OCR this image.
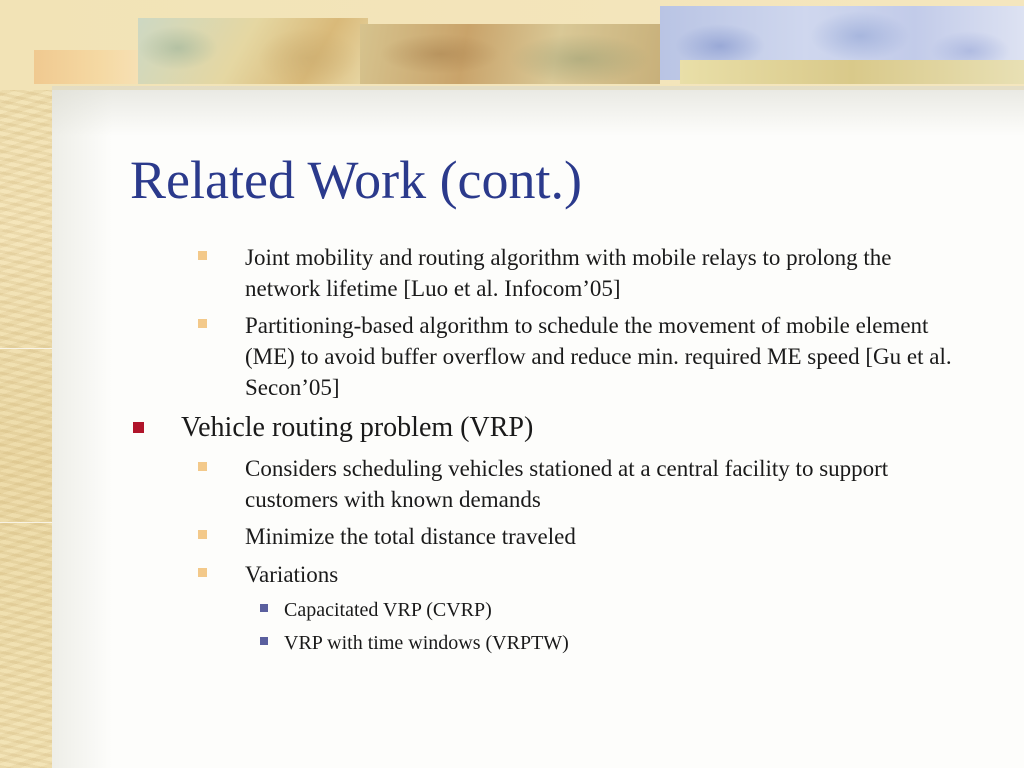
Related Work (cont.)
Joint mobility and routing algorithm with mobile relays to prolong the network lifetime [Luo et al. Infocom’05]
Partitioning-based algorithm to schedule the movement of mobile element (ME) to avoid buffer overflow and reduce min. required ME speed [Gu et al. Secon’05]
Vehicle routing problem (VRP)
Considers scheduling vehicles stationed at a central facility to support customers with known demands
Minimize the total distance traveled
Variations
Capacitated VRP (CVRP)
VRP with time windows (VRPTW)
